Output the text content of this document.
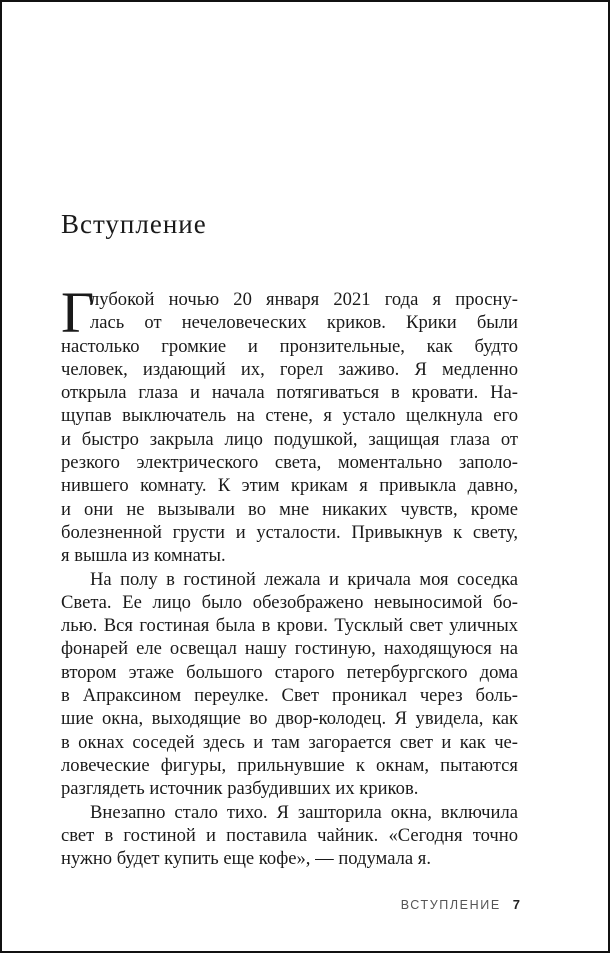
Вступление
Г
лубокой ночью 20 января 2021 года я просну-
лась от нечеловеческих криков. Крики были
настолько громкие и пронзительные, как будто
человек, издающий их, горел заживо. Я медленно
открыла глаза и начала потягиваться в кровати. На-
щупав выключатель на стене, я устало щелкнула его
и быстро закрыла лицо подушкой, защищая глаза от
резкого электрического света, моментально заполо-
нившего комнату. К этим крикам я привыкла давно,
и они не вызывали во мне никаких чувств, кроме
болезненной грусти и усталости. Привыкнув к свету,
я вышла из комнаты.
На полу в гостиной лежала и кричала моя соседка
Света. Ее лицо было обезображено невыносимой бо-
лью. Вся гостиная была в крови. Тусклый свет уличных
фонарей еле освещал нашу гостиную, находящуюся на
втором этаже большого старого петербургского дома
в Апраксином переулке. Свет проникал через боль-
шие окна, выходящие во двор-колодец. Я увидела, как
в окнах соседей здесь и там загорается свет и как че-
ловеческие фигуры, прильнувшие к окнам, пытаются
разглядеть источник разбудивших их криков.
Внезапно стало тихо. Я зашторила окна, включила
свет в гостиной и поставила чайник. «Сегодня точно
нужно будет купить еще кофе», — подумала я.
ВСТУПЛЕНИЕ 7
